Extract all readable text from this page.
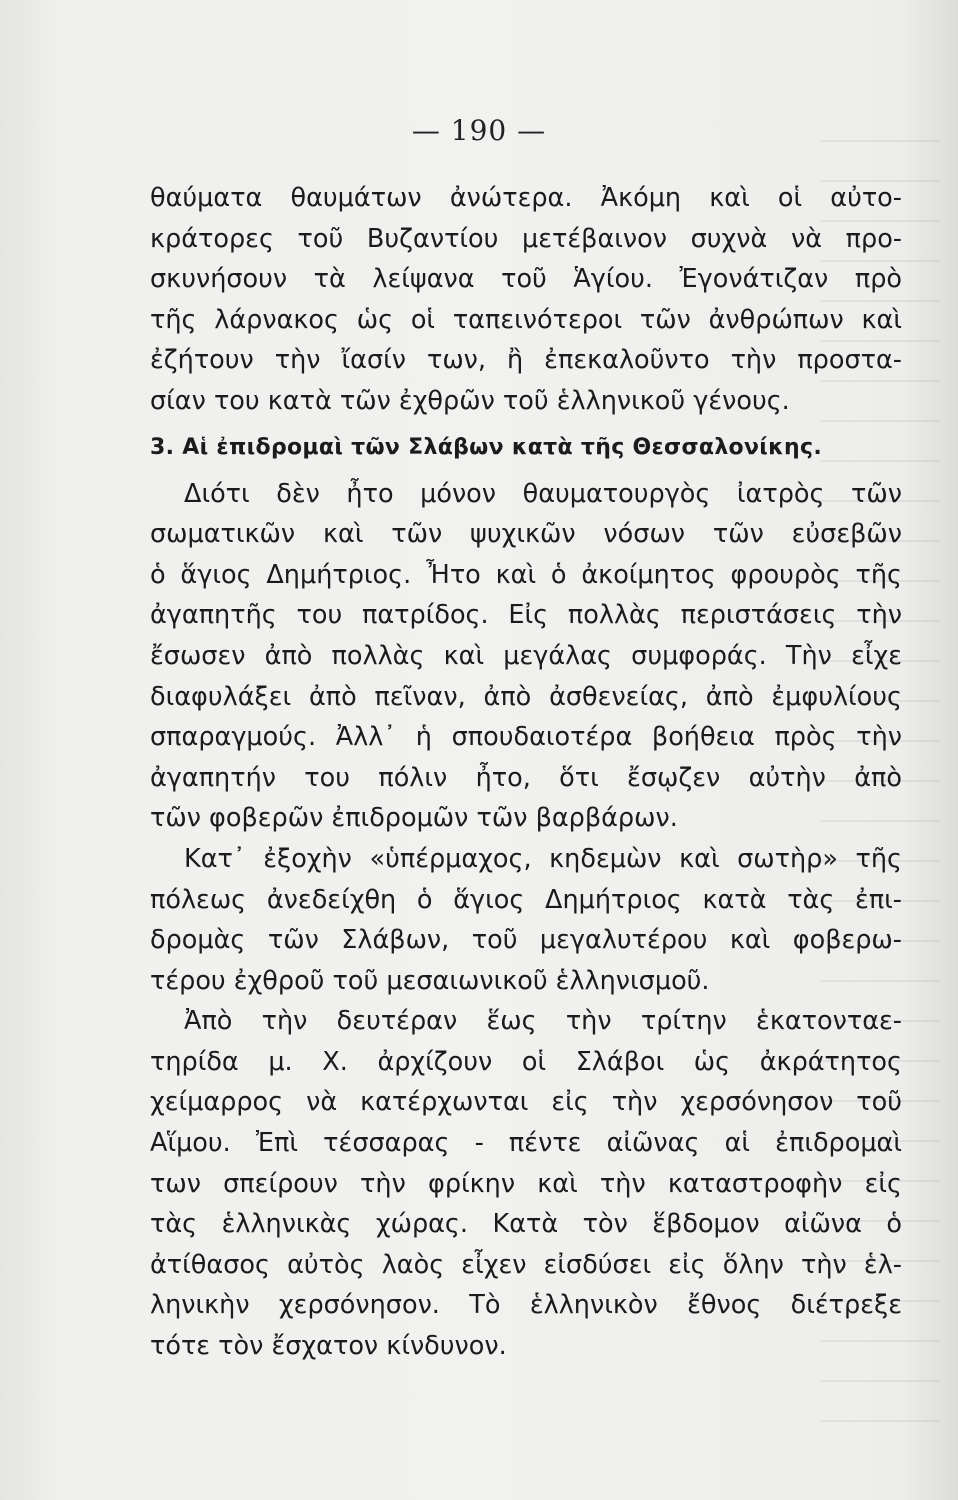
— 190 —
θαύματα θαυμάτων ἀνώτερα. Ἀκόμη καὶ οἱ αὐτο-
κράτορες τοῦ Βυζαντίου μετέβαινον συχνὰ νὰ προ-
σκυνήσουν τὰ λείψανα τοῦ Ἁγίου. Ἐγονάτιζαν πρὸ
τῆς λάρνακος ὡς οἱ ταπεινότεροι τῶν ἀνθρώπων καὶ
ἐζήτουν τὴν ἴασίν των, ἢ ἐπεκαλοῦντο τὴν προστα-
σίαν του κατὰ τῶν ἐχθρῶν τοῦ ἑλληνικοῦ γένους.
3. Αἱ ἐπιδρομαὶ τῶν Σλάβων κατὰ τῆς Θεσσαλονίκης.
Διότι δὲν ἦτο μόνον θαυματουργὸς ἰατρὸς τῶν
σωματικῶν καὶ τῶν ψυχικῶν νόσων τῶν εὐσεβῶν
ὁ ἅγιος Δημήτριος. Ἦτο καὶ ὁ ἀκοίμητος φρουρὸς τῆς
ἀγαπητῆς του πατρίδος. Εἰς πολλὰς περιστάσεις τὴν
ἔσωσεν ἀπὸ πολλὰς καὶ μεγάλας συμφοράς. Τὴν εἶχε
διαφυλάξει ἀπὸ πεῖναν, ἀπὸ ἀσθενείας, ἀπὸ ἐμφυλίους
σπαραγμούς. Ἀλλ᾿ ἡ σπουδαιοτέρα βοήθεια πρὸς τὴν
ἀγαπητήν του πόλιν ἦτο, ὅτι ἔσῳζεν αὐτὴν ἀπὸ
τῶν φοβερῶν ἐπιδρομῶν τῶν βαρβάρων.
Κατ᾿ ἐξοχὴν «ὑπέρμαχος, κηδεμὼν καὶ σωτὴρ» τῆς
πόλεως ἀνεδείχθη ὁ ἅγιος Δημήτριος κατὰ τὰς ἐπι-
δρομὰς τῶν Σλάβων, τοῦ μεγαλυτέρου καὶ φοβερω-
τέρου ἐχθροῦ τοῦ μεσαιωνικοῦ ἑλληνισμοῦ.
Ἀπὸ τὴν δευτέραν ἕως τὴν τρίτην ἑκατονταε-
τηρίδα μ. Χ. ἀρχίζουν οἱ Σλάβοι ὡς ἀκράτητος
χείμαρρος νὰ κατέρχωνται εἰς τὴν χερσόνησον τοῦ
Αἵμου. Ἐπὶ τέσσαρας - πέντε αἰῶνας αἱ ἐπιδρομαὶ
των σπείρουν τὴν φρίκην καὶ τὴν καταστροφὴν εἰς
τὰς ἑλληνικὰς χώρας. Κατὰ τὸν ἕβδομον αἰῶνα ὁ
ἀτίθασος αὐτὸς λαὸς εἶχεν εἰσδύσει εἰς ὅλην τὴν ἑλ-
ληνικὴν χερσόνησον. Τὸ ἑλληνικὸν ἔθνος διέτρεξε
τότε τὸν ἔσχατον κίνδυνον.
